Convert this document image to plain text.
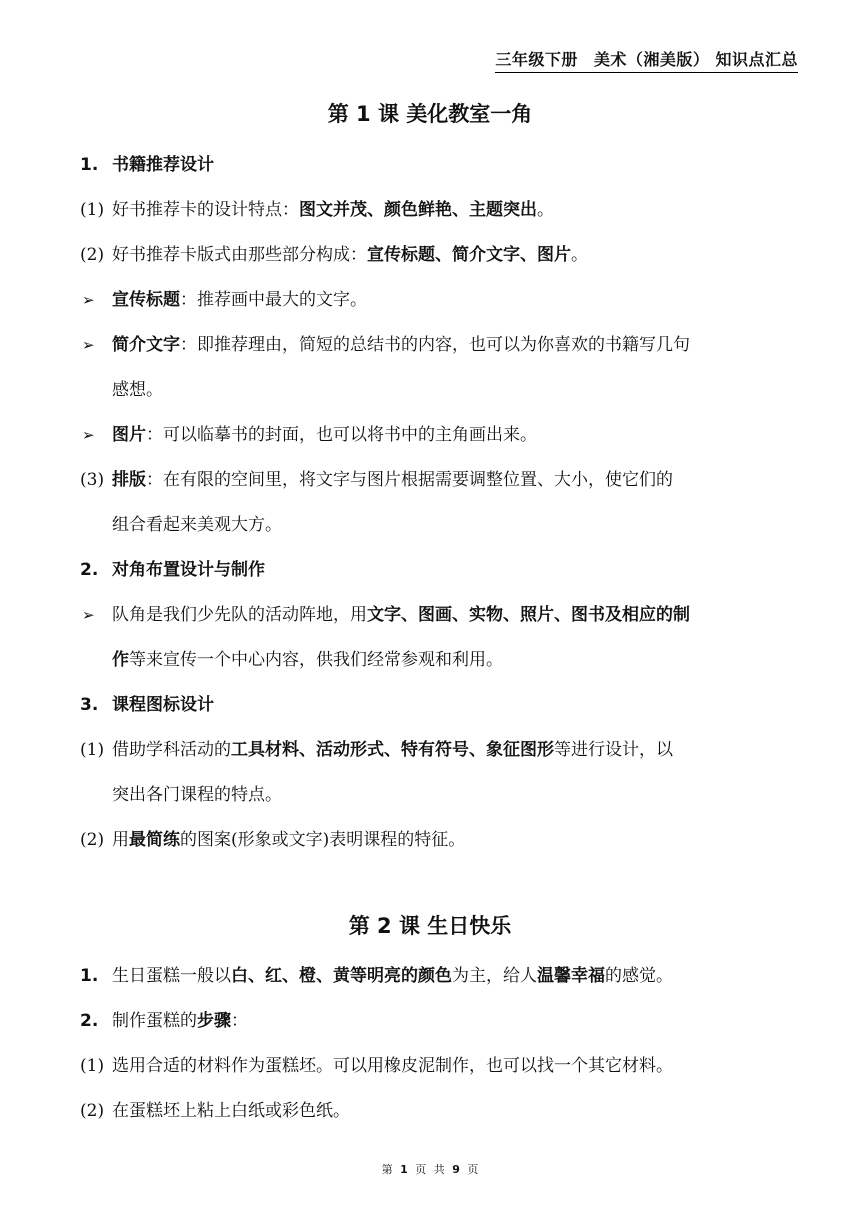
三年级下册 美术（湘美版） 知识点汇总
第 1 课 美化教室一角
1. 书籍推荐设计
(1) 好书推荐卡的设计特点：图文并茂、颜色鲜艳、主题突出。
(2) 好书推荐卡版式由那些部分构成：宣传标题、简介文字、图片。
➢ 宣传标题：推荐画中最大的文字。
➢ 简介文字：即推荐理由，简短的总结书的内容，也可以为你喜欢的书籍写几句
感想。
➢ 图片：可以临摹书的封面，也可以将书中的主角画出来。
(3) 排版：在有限的空间里，将文字与图片根据需要调整位置、大小，使它们的
组合看起来美观大方。
2. 对角布置设计与制作
➢ 队角是我们少先队的活动阵地，用文字、图画、实物、照片、图书及相应的制
作等来宣传一个中心内容，供我们经常参观和利用。
3. 课程图标设计
(1) 借助学科活动的工具材料、活动形式、特有符号、象征图形等进行设计，以
突出各门课程的特点。
(2) 用最简练的图案(形象或文字)表明课程的特征。
第 2 课 生日快乐
1. 生日蛋糕一般以白、红、橙、黄等明亮的颜色为主，给人温馨幸福的感觉。
2. 制作蛋糕的步骤：
(1) 选用合适的材料作为蛋糕坯。可以用橡皮泥制作，也可以找一个其它材料。
(2) 在蛋糕坯上粘上白纸或彩色纸。
第 1 页 共 9 页
